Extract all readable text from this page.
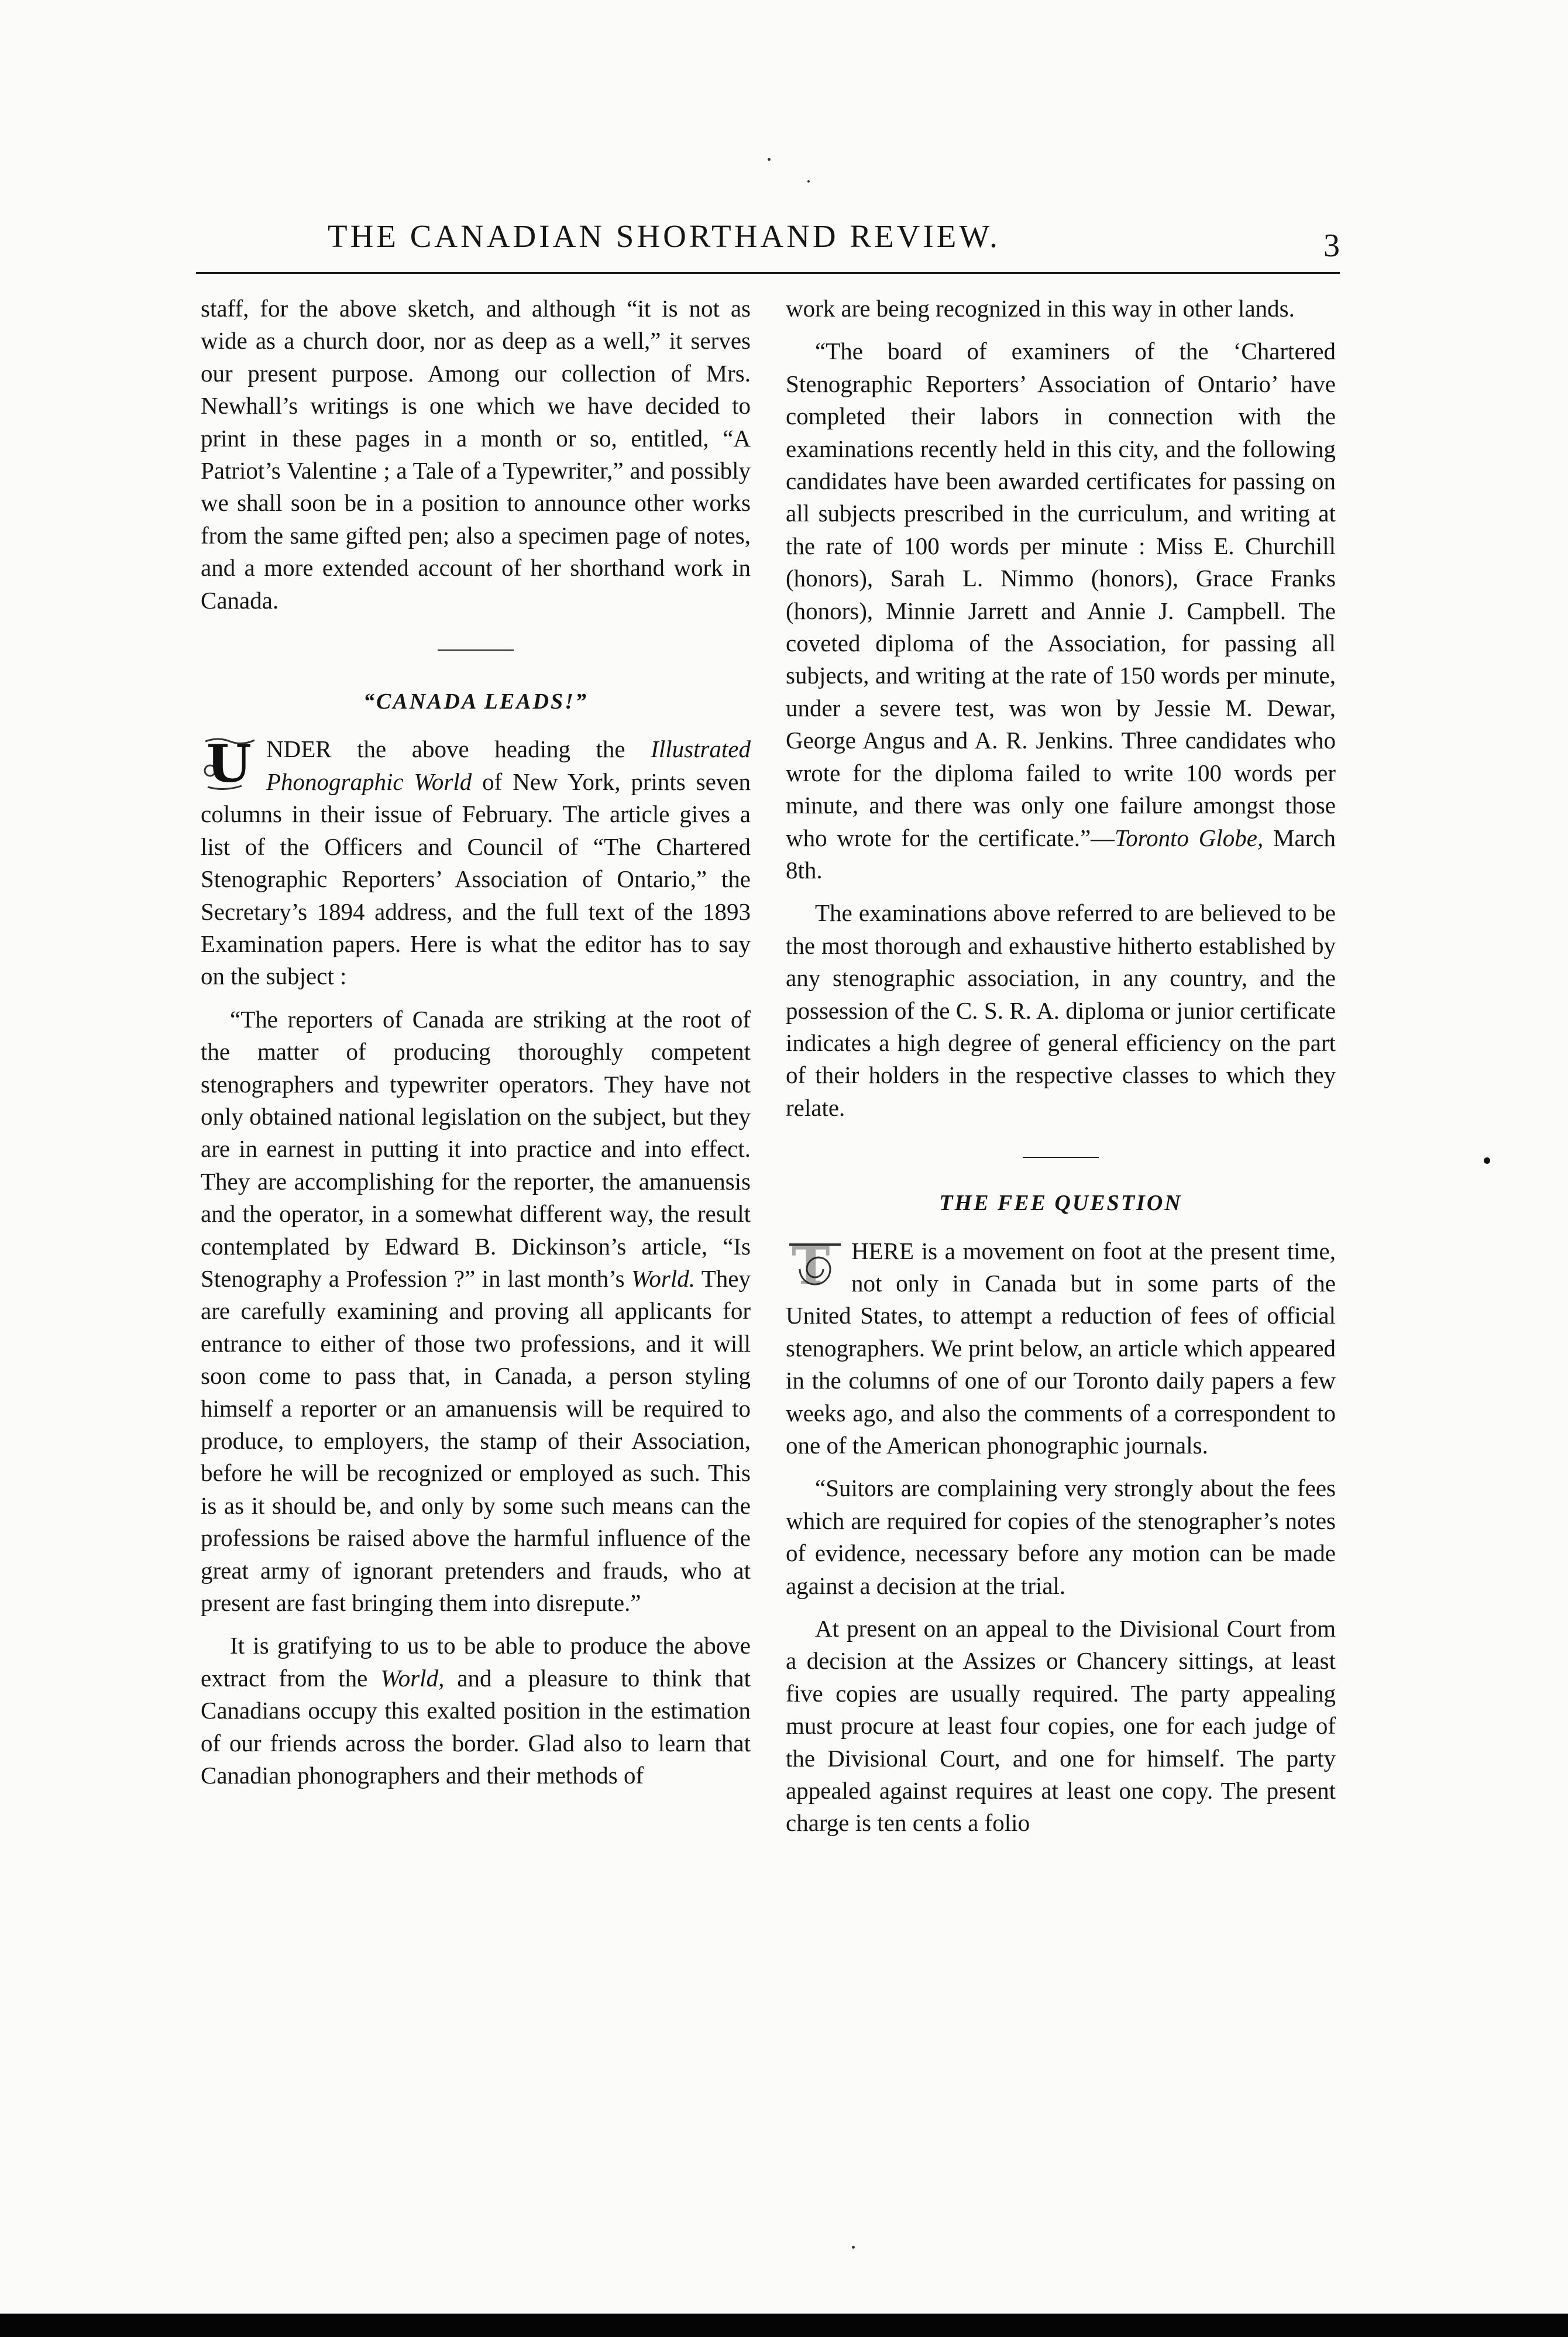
THE CANADIAN SHORTHAND REVIEW.	3

staff, for the above sketch, and although “it is not as wide as a church door, nor as deep as a well,” it serves our present purpose. Among our collection of Mrs. Newhall’s writings is one which we have decided to print in these pages in a month or so, entitled, “A Patriot’s Valentine ; a Tale of a Typewriter,” and possibly we shall soon be in a position to announce other works from the same gifted pen; also a specimen page of notes, and a more extended account of her shorthand work in Canada.

“CANADA LEADS!”

U NDER the above heading the Illustrated Phonographic World of New York, prints seven columns in their issue of February. The article gives a list of the Officers and Council of “The Chartered Stenographic Reporters’ Association of Ontario,” the Secretary’s 1894 address, and the full text of the 1893 Examination papers. Here is what the editor has to say on the subject :

“The reporters of Canada are striking at the root of the matter of producing thoroughly competent stenographers and typewriter operators. They have not only obtained national legislation on the subject, but they are in earnest in putting it into practice and into effect. They are accomplishing for the reporter, the amanuensis and the operator, in a somewhat different way, the result contemplated by Edward B. Dickinson’s article, “Is Stenography a Profession ?” in last month’s World. They are carefully examining and proving all applicants for entrance to either of those two professions, and it will soon come to pass that, in Canada, a person styling himself a reporter or an amanuensis will be required to produce, to employers, the stamp of their Association, before he will be recognized or employed as such. This is as it should be, and only by some such means can the professions be raised above the harmful influence of the great army of ignorant pretenders and frauds, who at present are fast bringing them into disrepute.”

It is gratifying to us to be able to produce the above extract from the World, and a pleasure to think that Canadians occupy this exalted position in the estimation of our friends across the border. Glad also to learn that Canadian phonographers and their methods of

work are being recognized in this way in other lands.

“The board of examiners of the ‘Chartered Stenographic Reporters’ Association of Ontario’ have completed their labors in connection with the examinations recently held in this city, and the following candidates have been awarded certificates for passing on all subjects prescribed in the curriculum, and writing at the rate of 100 words per minute : Miss E. Churchill (honors), Sarah L. Nimmo (honors), Grace Franks (honors), Minnie Jarrett and Annie J. Campbell. The coveted diploma of the Association, for passing all subjects, and writing at the rate of 150 words per minute, under a severe test, was won by Jessie M. Dewar, George Angus and A. R. Jenkins. Three candidates who wrote for the diploma failed to write 100 words per minute, and there was only one failure amongst those who wrote for the certificate.”—Toronto Globe, March 8th.

The examinations above referred to are believed to be the most thorough and exhaustive hitherto established by any stenographic association, in any country, and the possession of the C. S. R. A. diploma or junior certificate indicates a high degree of general efficiency on the part of their holders in the respective classes to which they relate.

THE FEE QUESTION

T HERE is a movement on foot at the present time, not only in Canada but in some parts of the United States, to attempt a reduction of fees of official stenographers. We print below, an article which appeared in the columns of one of our Toronto daily papers a few weeks ago, and also the comments of a correspondent to one of the American phonographic journals.

“Suitors are complaining very strongly about the fees which are required for copies of the stenographer’s notes of evidence, necessary before any motion can be made against a decision at the trial.

At present on an appeal to the Divisional Court from a decision at the Assizes or Chancery sittings, at least five copies are usually required. The party appealing must procure at least four copies, one for each judge of the Divisional Court, and one for himself. The party appealed against requires at least one copy. The present charge is ten cents a folio
